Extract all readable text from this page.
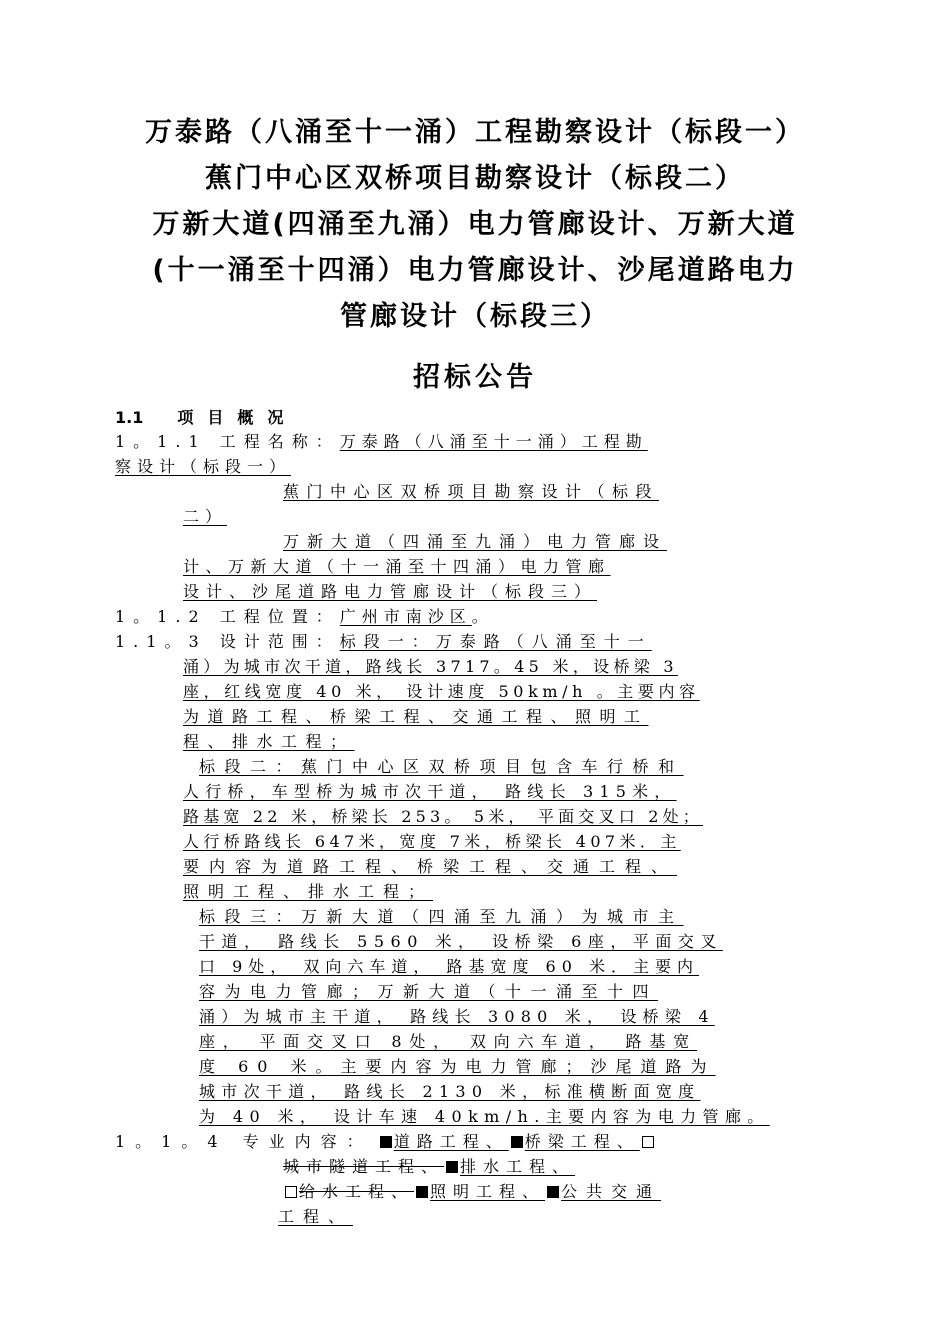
万泰路（八涌至十一涌）工程勘察设计（标段一）
蕉门中心区双桥项目勘察设计（标段二）
万新大道(四涌至九涌）电力管廊设计、万新大道
(十一涌至十四涌）电力管廊设计、沙尾道路电力
管廊设计（标段三）
招标公告
1.1 项目概况
1。1.1 工程名称：万泰路（八涌至十一涌）工程勘
察设计（标段一）
蕉门中心区双桥项目勘察设计（标段
二）
万新大道（四涌至九涌）电力管廊设
计、万新大道（十一涌至十四涌）电力管廊
设计、沙尾道路电力管廊设计（标段三）
1。1.2 工程位置：广州市南沙区。
1.1。3 设计范围：标段一：万泰路（八涌至十一
涌）为城市次干道，路线长 3717。45 米，设桥梁 3
座，红线宽度 40 米， 设计速度 50km/h 。主要内容
为道路工程、桥梁工程、交通工程、照明工
程、排水工程；
标段二：蕉门中心区双桥项目包含车行桥和
人行桥，车型桥为城市次干道， 路线长 315米，
路基宽 22 米，桥梁长 253。 5米， 平面交叉口 2处；
人行桥路线长 647米，宽度 7米，桥梁长 407米．主
要内容为道路工程、桥梁工程、交通工程、
照明工程、排水工程；
标段三：万新大道（四涌至九涌）为城市主
干道， 路线长 5560 米， 设桥梁 6座，平面交叉
口 9处， 双向六车道， 路基宽度 60 米．主要内
容为电力管廊；万新大道（十一涌至十四
涌）为城市主干道， 路线长 3080 米， 设桥梁 4
座， 平面交叉口 8处， 双向六车道， 路基宽
度 60 米。主要内容为电力管廊；沙尾道路为
城市次干道， 路线长 2130 米，标准横断面宽度
为 40 米， 设计车速 40km/h.主要内容为电力管廊。
1。1。4 专业内容： 道路工程、 桥梁工程、
城市隧道工程、 排水工程、
给水工程、 照明工程、 公共交通
工程、
